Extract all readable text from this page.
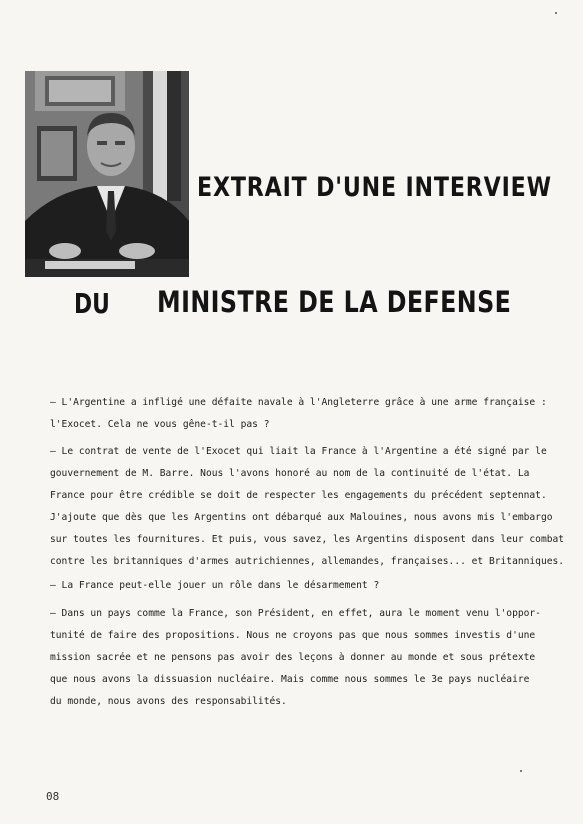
EXTRAIT D'UNE INTERVIEW
DU MINISTRE DE LA DEFENSE

— L'Argentine a infligé une défaite navale à l'Angleterre grâce à une arme française :
l'Exocet. Cela ne vous gêne-t-il pas ?

— Le contrat de vente de l'Exocet qui liait la France à l'Argentine a été signé par le
gouvernement de M. Barre. Nous l'avons honoré au nom de la continuité de l'état. La
France pour être crédible se doit de respecter les engagements du précédent septennat.
J'ajoute que dès que les Argentins ont débarqué aux Malouines, nous avons mis l'embargo
sur toutes les fournitures. Et puis, vous savez, les Argentins disposent dans leur combat
contre les britanniques d'armes autrichiennes, allemandes, françaises... et Britanniques.

— La France peut-elle jouer un rôle dans le désarmement ?

— Dans un pays comme la France, son Président, en effet, aura le moment venu l'oppor-
tunité de faire des propositions. Nous ne croyons pas que nous sommes investis d'une
mission sacrée et ne pensons pas avoir des leçons à donner au monde et sous prétexte
que nous avons la dissuasion nucléaire. Mais comme nous sommes le 3e pays nucléaire
du monde, nous avons des responsabilités.

08
